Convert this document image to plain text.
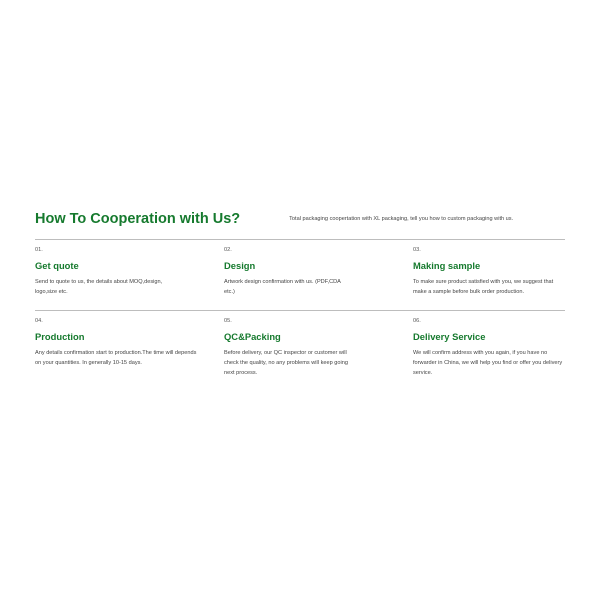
How To Cooperation with Us?	Total packaging coopertation with XL packaging, tell you how to custom packaging with us.
01.
Get quote
Send to quote to us, the details about MOQ,design, logo,size etc.
02.
Design
Artwork design confirmation with us. (PDF,CDA etc.)
03.
Making sample
To make sure product satisfied with you, we suggest that make a sample before bulk order production.
04.
Production
Any details confirmation start to production.The time will depends on your quantities. In generally 10-15 days.
05.
QC&Packing
Before delivery, our QC inspector or customer will check the quality, no any problems will keep going next process.
06.
Delivery Service
We will confirm address with you again, if you have no forwarder in China, we will help you find or offer you delivery service.
